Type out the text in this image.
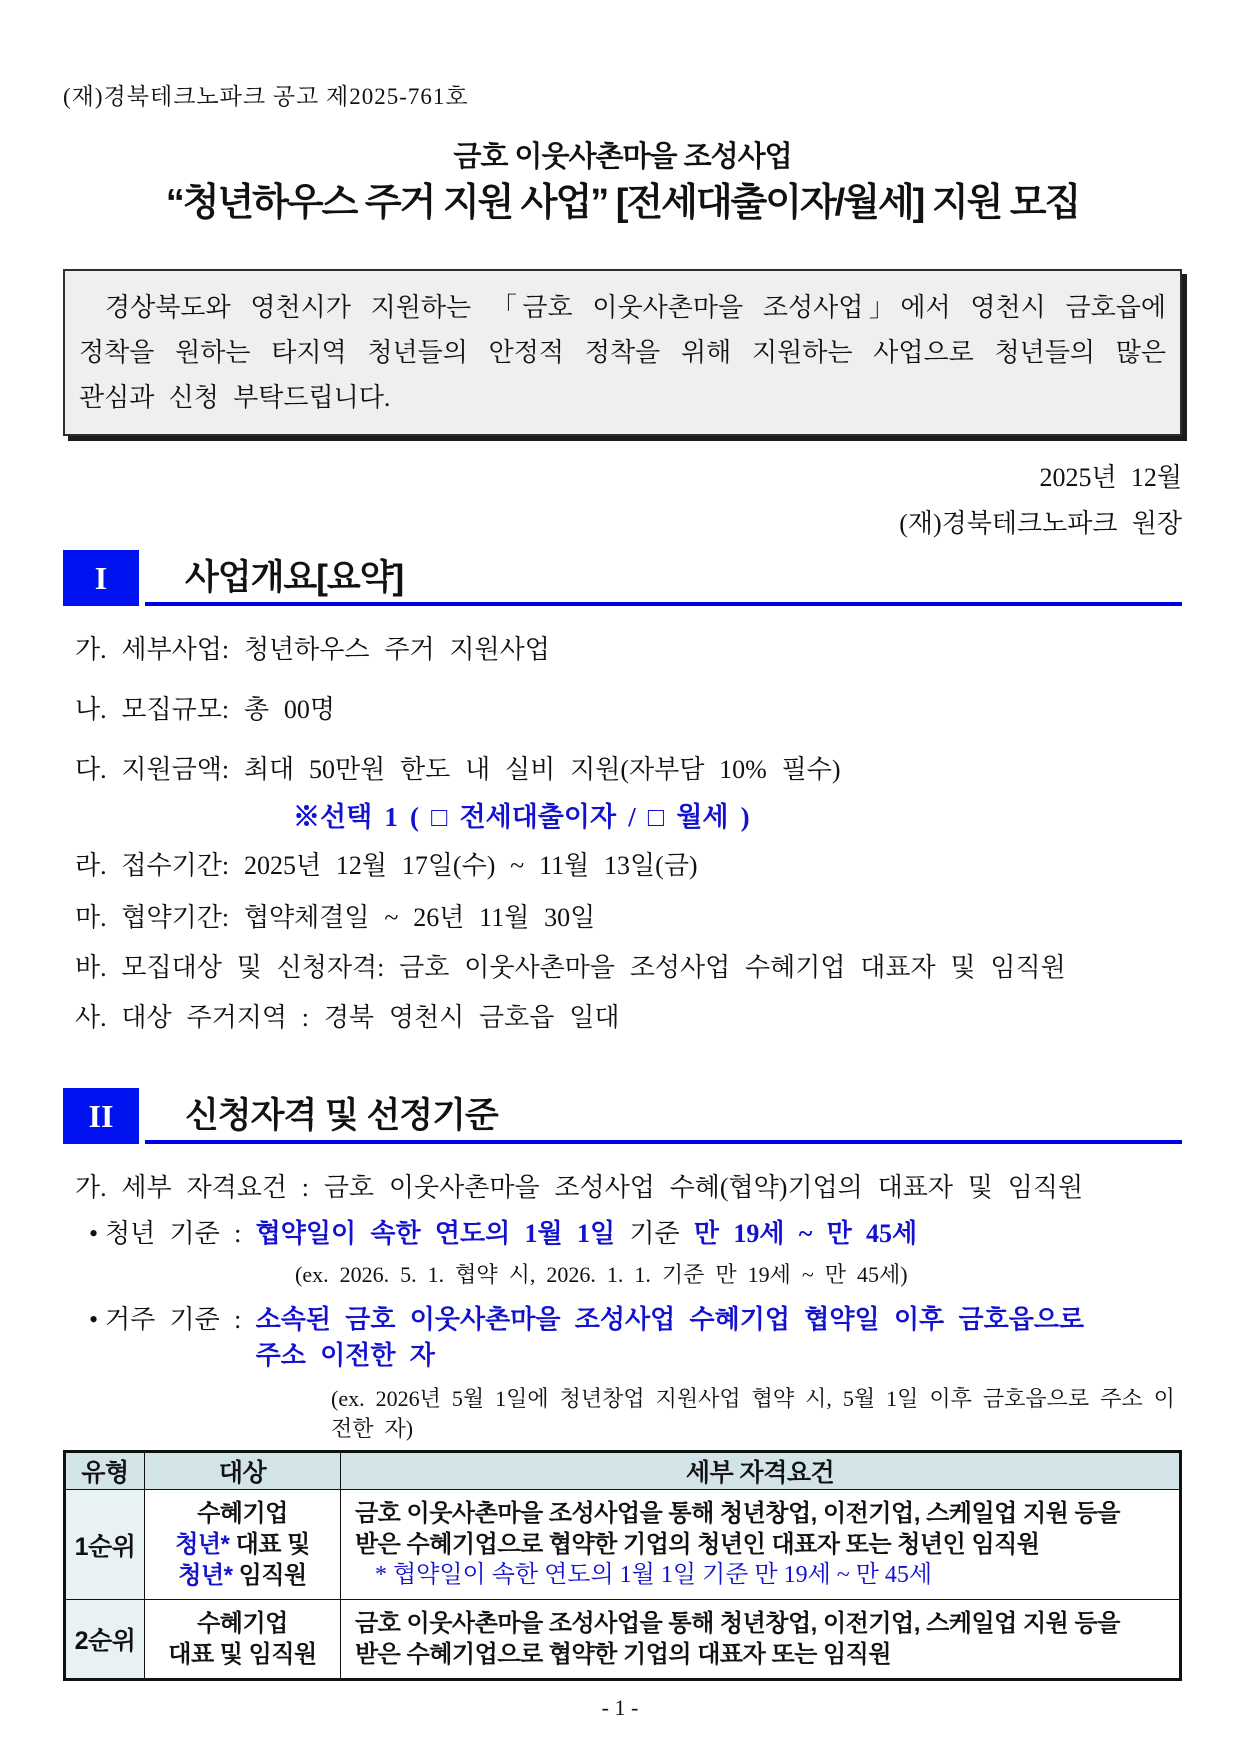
(재)경북테크노파크 공고 제2025-761호
금호 이웃사촌마을 조성사업
“청년하우스 주거 지원 사업” [전세대출이자/월세] 지원 모집

경상북도와 영천시가 지원하는 「금호 이웃사촌마을 조성사업」에서 영천시 금호읍에 정착을 원하는 타지역 청년들의 안정적 정착을 위해 지원하는 사업으로 청년들의 많은 관심과 신청 부탁드립니다.

2025년 12월
(재)경북테크노파크 원장
I 사업개요[요약]
가. 세부사업: 청년하우스 주거 지원사업
나. 모집규모: 총 00명
다. 지원금액: 최대 50만원 한도 내 실비 지원(자부담 10% 필수)
※선택 1 ( □ 전세대출이자 / □ 월세 )
라. 접수기간: 2025년 12월 17일(수) ~ 11월 13일(금)
마. 협약기간: 협약체결일 ~ 26년 11월 30일
바. 모집대상 및 신청자격: 금호 이웃사촌마을 조성사업 수혜기업 대표자 및 임직원
사. 대상 주거지역 : 경북 영천시 금호읍 일대
II 신청자격 및 선정기준
가. 세부 자격요건 : 금호 이웃사촌마을 조성사업 수혜(협약)기업의 대표자 및 임직원
• 청년 기준 : 협약일이 속한 연도의 1월 1일 기준 만 19세 ~ 만 45세
(ex. 2026. 5. 1. 협약 시, 2026. 1. 1. 기준 만 19세 ~ 만 45세)
• 거주 기준 : 소속된 금호 이웃사촌마을 조성사업 수혜기업 협약일 이후 금호읍으로
주소 이전한 자
(ex. 2026년 5월 1일에 청년창업 지원사업 협약 시, 5월 1일 이후 금호읍으로 주소 이전한 자)
유형	대상	세부 자격요건
1순위	수혜기업
청년* 대표 및
청년* 임직원	금호 이웃사촌마을 조성사업을 통해 청년창업, 이전기업, 스케일업 지원 등을
받은 수혜기업으로 협약한 기업의 청년인 대표자 또는 청년인 임직원
* 협약일이 속한 연도의 1월 1일 기준 만 19세 ~ 만 45세

2순위	수혜기업
대표 및 임직원	금호 이웃사촌마을 조성사업을 통해 청년창업, 이전기업, 스케일업 지원 등을
받은 수혜기업으로 협약한 기업의 대표자 또는 임직원
- 1 -
